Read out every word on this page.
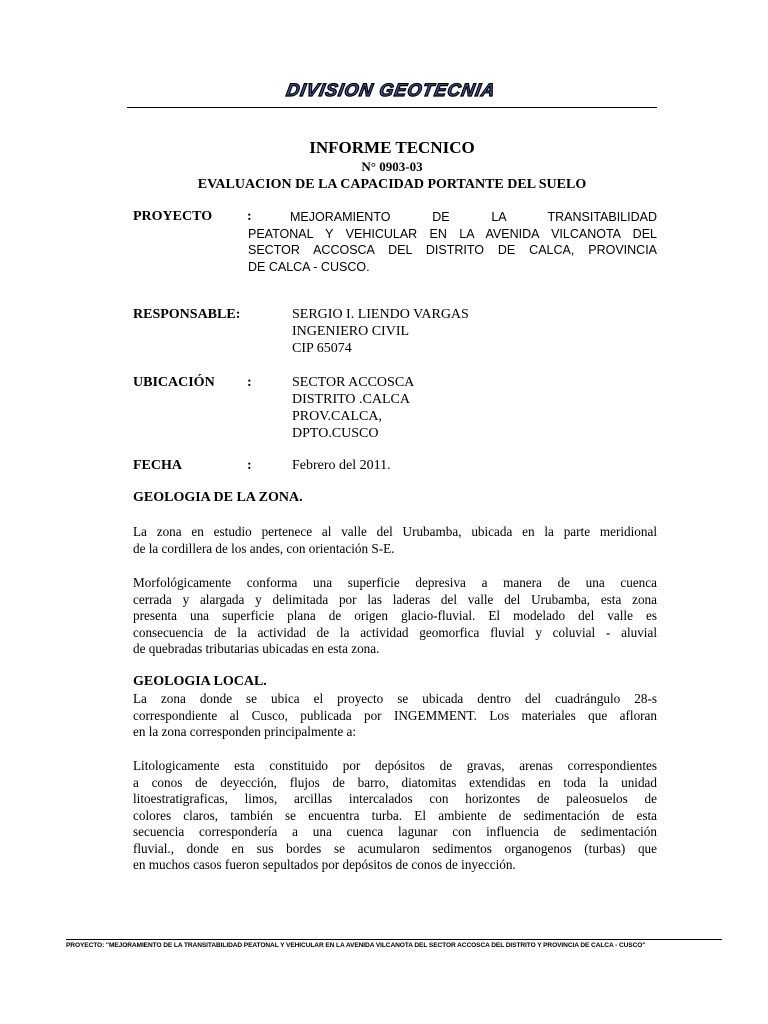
DIVISION GEOTECNIA
INFORME TECNICO
N° 0903-03
EVALUACION DE LA CAPACIDAD PORTANTE DEL SUELO
PROYECTO :	MEJORAMIENTO DE LA TRANSITABILIDAD
PEATONAL Y VEHICULAR EN LA AVENIDA VILCANOTA DEL
SECTOR ACCOSCA DEL DISTRITO DE CALCA, PROVINCIA
DE CALCA - CUSCO.
RESPONSABLE:	SERGIO I. LIENDO VARGAS
INGENIERO CIVIL
CIP 65074
UBICACIÓN :	SECTOR ACCOSCA
DISTRITO .CALCA
PROV.CALCA,
DPTO.CUSCO
FECHA	:	Febrero del 2011.
GEOLOGIA DE LA ZONA.
La zona en estudio pertenece al valle del Urubamba, ubicada en la parte meridional
de la cordillera de los andes, con orientación S-E.
Morfológicamente conforma una superficie depresiva a manera de una cuenca
cerrada y alargada y delimitada por las laderas del valle del Urubamba, esta zona
presenta una superficie plana de origen glacio-fluvial. El modelado del valle es
consecuencia de la actividad de la actividad geomorfica fluvial y coluvial - aluvial
de quebradas tributarias ubicadas en esta zona.
GEOLOGIA LOCAL.
La zona donde se ubica el proyecto se ubicada dentro del cuadrángulo 28-s
correspondiente al Cusco, publicada por INGEMMENT. Los materiales que afloran
en la zona corresponden principalmente a:
Litologicamente esta constituido por depósitos de gravas, arenas correspondientes
a conos de deyección, flujos de barro, diatomitas extendidas en toda la unidad
litoestratigraficas, limos, arcillas intercalados con horizontes de paleosuelos de
colores claros, también se encuentra turba. El ambiente de sedimentación de esta
secuencia correspondería a una cuenca lagunar con influencia de sedimentación
fluvial., donde en sus bordes se acumularon sedimentos organogenos (turbas) que
en muchos casos fueron sepultados por depósitos de conos de inyección.
PROYECTO: "MEJORAMIENTO DE LA TRANSITABILIDAD PEATONAL Y VEHICULAR EN LA AVENIDA VILCANOTA DEL SECTOR ACCOSCA DEL DISTRITO Y PROVINCIA DE CALCA - CUSCO"
